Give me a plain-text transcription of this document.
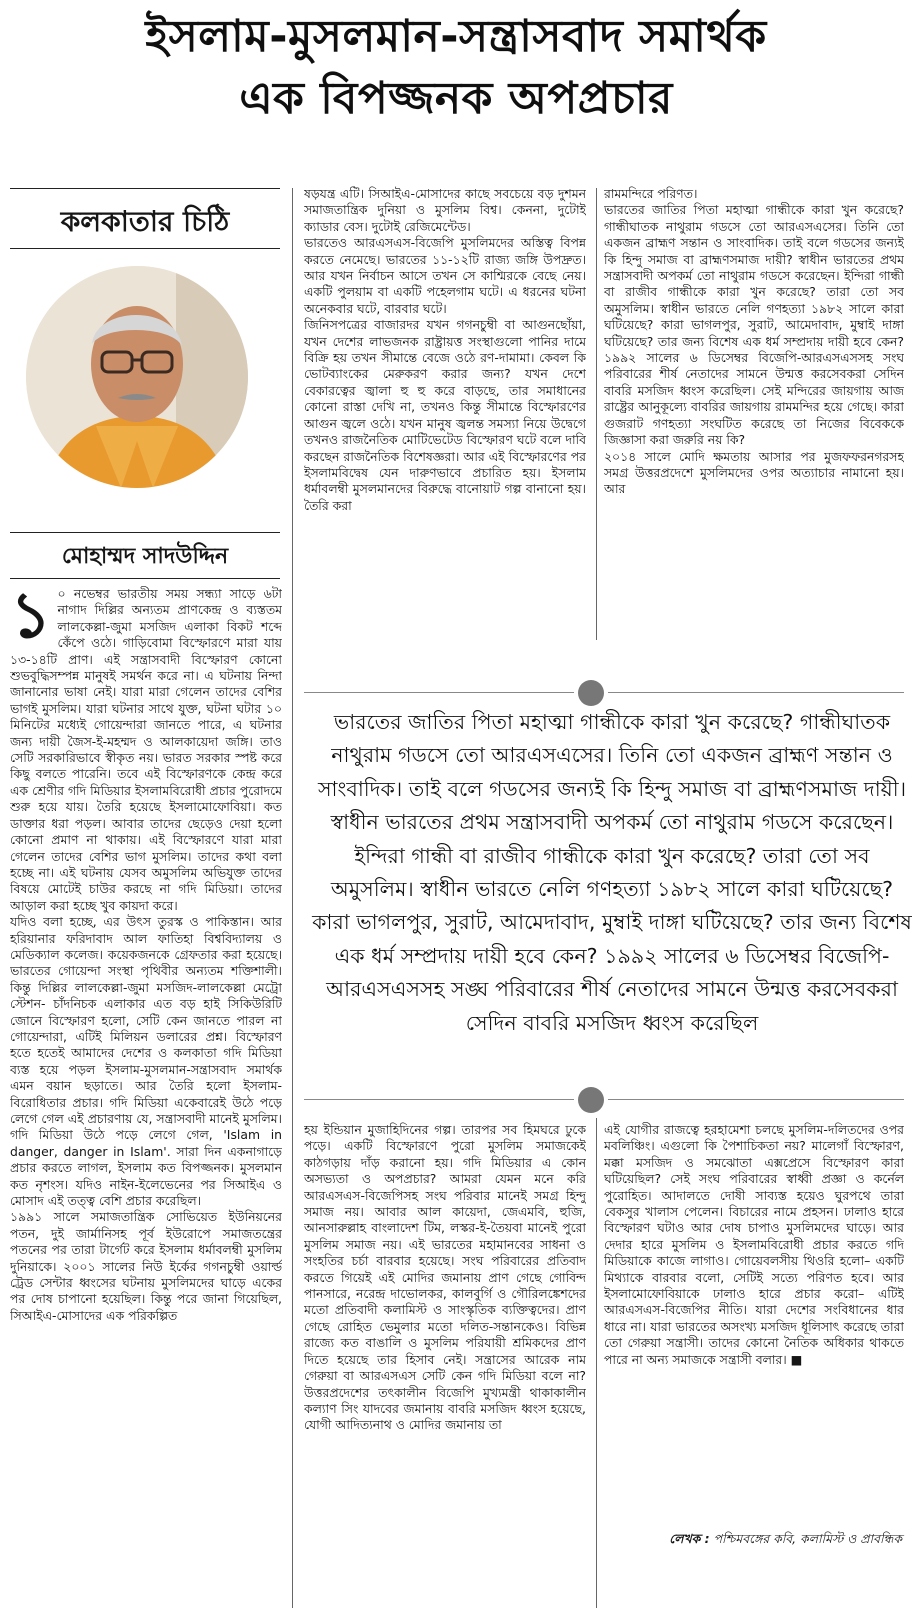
ইসলাম-মুসলমান-সন্ত্রাসবাদ সমার্থক
এক বিপজ্জনক অপপ্রচার
কলকাতার চিঠি
মোহাম্মদ সাদউদ্দিন
১ ০ নভেম্বর ভারতীয় সময় সন্ধ্যা সাড়ে ৬টা নাগাদ দিল্লির অন্যতম প্রাণকেন্দ্র ও ব্যস্ততম লালকেল্লা-জুমা মসজিদ এলাকা বিকট শব্দে কেঁপে ওঠে। গাড়িবোমা বিস্ফোরণে মারা যায় ১৩-১৪টি প্রাণ। এই সন্ত্রাসবাদী বিস্ফোরণ কোনো শুভবুদ্ধিসম্পন্ন মানুষই সমর্থন করে না। এ ঘটনায় নিন্দা জানানোর ভাষা নেই। যারা মারা গেলেন তাদের বেশির ভাগই মুসলিম। যারা ঘটনার সাথে যুক্ত, ঘটনা ঘটার ১০ মিনিটের মধ্যেই গোয়েন্দারা জানতে পারে, এ ঘটনার জন্য দায়ী জৈস-ই-মহম্মদ ও আলকায়েদা জঙ্গি। তাও সেটি সরকারিভাবে স্বীকৃত নয়। ভারত সরকার স্পষ্ট করে কিছু বলতে পারেনি। তবে এই বিস্ফোরণকে কেন্দ্র করে এক শ্রেণীর গদি মিডিয়ার ইসলামবিরোধী প্রচার পুরোদমে শুরু হয়ে যায়। তৈরি হয়েছে ইসলামোফোবিয়া। কত ডাক্তার ধরা পড়ল। আবার তাদের ছেড়েও দেয়া হলো কোনো প্রমাণ না থাকায়। এই বিস্ফোরণে যারা মারা গেলেন তাদের বেশির ভাগ মুসলিম। তাদের কথা বলা হচ্ছে না। এই ঘটনায় যেসব অমুসলিম অভিযুক্ত তাদের বিষয়ে মোটেই চাউর করছে না গদি মিডিয়া। তাদের আড়াল করা হচ্ছে খুব কায়দা করে।

যদিও বলা হচ্ছে, এর উৎস তুরস্ক ও পাকিস্তান। আর হরিয়ানার ফরিদাবাদ আল ফাতিহা বিশ্ববিদ্যালয় ও মেডিক্যাল কলেজ। কয়েকজনকে গ্রেফতার করা হয়েছে। ভারতের গোয়েন্দা সংস্থা পৃথিবীর অন্যতম শক্তিশালী। কিন্তু দিল্লির লালকেল্লা-জুমা মসজিদ-লালকেল্লা মেট্রো স্টেশন- চাঁদনিচক এলাকার এত বড় হাই সিকিউরিটি জোনে বিস্ফোরণ হলো, সেটি কেন জানতে পারল না গোয়েন্দারা, এটিই মিলিয়ন ডলারের প্রশ্ন। বিস্ফোরণ হতে হতেই আমাদের দেশের ও কলকাতা গদি মিডিয়া ব্যস্ত হয়ে পড়ল ইসলাম-মুসলমান-সন্ত্রাসবাদ সমার্থক এমন বয়ান ছড়াতে। আর তৈরি হলো ইসলাম-বিরোধিতার প্রচার। গদি মিডিয়া একেবারেই উঠে পড়ে লেগে গেল এই প্রচারণায় যে, সন্ত্রাসবাদী মানেই মুসলিম। গদি মিডিয়া উঠে পড়ে লেগে গেল, 'Islam in danger, danger in Islam'. সারা দিন একনাগাড়ে প্রচার করতে লাগল, ইসলাম কত বিপজ্জনক। মুসলমান কত নৃশংস। যদিও নাইন-ইলেভেনের পর সিআইএ ও মোসাদ এই তত্ত্ব বেশি প্রচার করেছিল।

১৯৯১ সালে সমাজতান্ত্রিক সোভিয়েত ইউনিয়নের পতন, দুই জার্মানিসহ পূর্ব ইউরোপে সমাজতন্ত্রের পতনের পর তারা টার্গেট করে ইসলাম ধর্মাবলম্বী মুসলিম দুনিয়াকে। ২০০১ সালের নিউ ইর্কের গগনচুম্বী ওয়ার্ল্ড ট্রেড সেন্টার ধ্বংসের ঘটনায় মুসলিমদের ঘাড়ে একের পর দোষ চাপানো হয়েছিল। কিন্তু পরে জানা গিয়েছিল, সিআইএ-মোসাদের এক পরিকল্পিত

ষড়যন্ত্র এটি। সিআইএ-মোসাদের কাছে সবচেয়ে বড় দুশমন সমাজতান্ত্রিক দুনিয়া ও মুসলিম বিশ্ব। কেননা, দুটোই ক্যাডার বেস। দুটোই রেজিমেন্টেড।

ভারতেও আরএসএস-বিজেপি মুসলিমদের অস্তিত্ব বিপন্ন করতে নেমেছে। ভারতের ১১-১২টি রাজ্য জঙ্গি উপদ্রুত। আর যখন নির্বাচন আসে তখন সে কাশ্মিরকে বেছে নেয়। একটি পুলয়াম বা একটি পহেলগাম ঘটে। এ ধরনের ঘটনা অনেকবার ঘটে, বারবার ঘটে।

জিনিসপত্রের বাজারদর যখন গগনচুম্বী বা আগুনছোঁয়া, যখন দেশের লাভজনক রাষ্ট্রায়ত্ত সংস্থাগুলো পানির দামে বিক্রি হয় তখন সীমান্তে বেজে ওঠে রণ-দামামা। কেবল কি ভোটব্যাংকের মেরুকরণ করার জন্য? যখন দেশে বেকারত্বের জ্বালা হু হু করে বাড়ছে, তার সমাধানের কোনো রাস্তা দেখি না, তখনও কিন্তু সীমান্তে বিস্ফোরণের আগুন জ্বলে ওঠে। যখন মানুষ জ্বলন্ত সমস্যা নিয়ে উদ্বেগে তখনও রাজনৈতিক মোটিভেটেড বিস্ফোরণ ঘটে বলে দাবি করছেন রাজনৈতিক বিশেষজ্ঞরা। আর এই বিস্ফোরণের পর ইসলামবিদ্বেষ যেন দারুণভাবে প্রচারিত হয়। ইসলাম ধর্মাবলম্বী মুসলমানদের বিরুদ্ধে বানোয়াট গল্প বানানো হয়। তৈরি করা

রামমন্দিরে পরিণত।

ভারতের জাতির পিতা মহাত্মা গান্ধীকে কারা খুন করেছে? গান্ধীঘাতক নাথুরাম গডসে তো আরএসএসের। তিনি তো একজন ব্রাহ্মণ সন্তান ও সাংবাদিক। তাই বলে গডসের জন্যই কি হিন্দু সমাজ বা ব্রাহ্মণসমাজ দায়ী? স্বাধীন ভারতের প্রথম সন্ত্রাসবাদী অপকর্ম তো নাথুরাম গডসে করেছেন। ইন্দিরা গান্ধী বা রাজীব গান্ধীকে কারা খুন করেছে? তারা তো সব অমুসলিম। স্বাধীন ভারতে নেলি গণহত্যা ১৯৮২ সালে কারা ঘটিয়েছে? কারা ভাগলপুর, সুরাট, আমেদাবাদ, মুম্বাই দাঙ্গা ঘটিয়েছে? তার জন্য বিশেষ এক ধর্ম সম্প্রদায় দায়ী হবে কেন? ১৯৯২ সালের ৬ ডিসেম্বর বিজেপি-আরএসএসসহ সংঘ পরিবারের শীর্ষ নেতাদের সামনে উন্মত্ত করসেবকরা সেদিন বাবরি মসজিদ ধ্বংস করেছিল। সেই মন্দিরের জায়গায় আজ রাষ্ট্রের আনুকূল্যে বাবরির জায়গায় রামমন্দির হয়ে গেছে। কারা গুজরাট গণহত্যা সংঘটিত করেছে তা নিজের বিবেককে জিজ্ঞাসা করা জরুরি নয় কি?

২০১৪ সালে মোদি ক্ষমতায় আসার পর মুজফফরনগরসহ সমগ্র উত্তরপ্রদেশে মুসলিমদের ওপর অত্যাচার নামানো হয়। আর

ভারতের জাতির পিতা মহাত্মা গান্ধীকে কারা খুন করেছে? গান্ধীঘাতক নাথুরাম গডসে তো আরএসএসের। তিনি তো একজন ব্রাহ্মণ সন্তান ও সাংবাদিক। তাই বলে গডসের জন্যই কি হিন্দু সমাজ বা ব্রাহ্মণসমাজ দায়ী। স্বাধীন ভারতের প্রথম সন্ত্রাসবাদী অপকর্ম তো নাথুরাম গডসে করেছেন। ইন্দিরা গান্ধী বা রাজীব গান্ধীকে কারা খুন করেছে? তারা তো সব অমুসলিম। স্বাধীন ভারতে নেলি গণহত্যা ১৯৮২ সালে কারা ঘটিয়েছে? কারা ভাগলপুর, সুরাট, আমেদাবাদ, মুম্বাই দাঙ্গা ঘটিয়েছে? তার জন্য বিশেষ এক ধর্ম সম্প্রদায় দায়ী হবে কেন? ১৯৯২ সালের ৬ ডিসেম্বর বিজেপি-আরএসএসসহ সঙ্ঘ পরিবারের শীর্ষ নেতাদের সামনে উন্মত্ত করসেবকরা সেদিন বাবরি মসজিদ ধ্বংস করেছিল

হয় ইন্ডিয়ান মুজাহিদিনের গল্প। তারপর সব হিমঘরে ঢুকে পড়ে। একটি বিস্ফোরণে পুরো মুসলিম সমাজকেই কাঠগড়ায় দাঁড় করানো হয়। গদি মিডিয়ার এ কোন অসভ্যতা ও অপপ্রচার? আমরা যেমন মনে করি আরএসএস-বিজেপিসহ সংঘ পরিবার মানেই সমগ্র হিন্দু সমাজ নয়। আবার আল কায়েদা, জেএমবি, হুজি, আনসারুল্লাহ বাংলাদেশ টিম, লস্কর-ই-তৈয়বা মানেই পুরো মুসলিম সমাজ নয়। এই ভারতের মহামানবের সাধনা ও সংহতির চর্চা বারবার হয়েছে। সংঘ পরিবারের প্রতিবাদ করতে গিয়েই এই মোদির জমানায় প্রাণ গেছে গোবিন্দ পানসারে, নরেন্দ্র দাভোলকর, কালবুর্গি ও গৌরিলঙ্কেশদের মতো প্রতিবাদী কলামিস্ট ও সাংস্কৃতিক ব্যক্তিত্বদের। প্রাণ গেছে রোহিত ভেমুলার মতো দলিত-সন্তানকেও। বিভিন্ন রাজ্যে কত বাঙালি ও মুসলিম পরিযায়ী শ্রমিকদের প্রাণ দিতে হয়েছে তার হিসাব নেই। সন্ত্রাসের আরেক নাম গেরুয়া বা আরএসএস সেটি কেন গদি মিডিয়া বলে না? উত্তরপ্রদেশের তৎকালীন বিজেপি মুখ্যমন্ত্রী থাকাকালীন কল্যাণ সিং যাদবের জমানায় বাবরি মসজিদ ধ্বংস হয়েছে, যোগী আদিত্যনাথ ও মোদির জমানায় তা

এই যোগীর রাজত্বে হরহামেশা চলছে মুসলিম-দলিতদের ওপর মবলিঞ্চিং। এগুলো কি পৈশাচিকতা নয়? মালেগাঁ বিস্ফোরণ, মক্কা মসজিদ ও সমঝোতা এক্সপ্রেসে বিস্ফোরণ কারা ঘটিয়েছিল? সেই সংঘ পরিবারের স্বাধ্বী প্রজ্ঞা ও কর্নেল পুরোহিত। আদালতে দোষী সাব্যস্ত হয়েও ঘুরপথে তারা বেকসুর খালাস পেলেন। বিচারের নামে প্রহসন। ঢালাও হারে বিস্ফোরণ ঘটাও আর দোষ চাপাও মুসলিমদের ঘাড়ে। আর দেদার হারে মুসলিম ও ইসলামবিরোধী প্রচার করতে গদি মিডিয়াকে কাজে লাগাও। গোয়েবলসীয় থিওরি হলো– একটি মিথ্যাকে বারবার বলো, সেটিই সত্যে পরিণত হবে। আর ইসলামোফোবিয়াকে ঢালাও হারে প্রচার করো– এটিই আরএসএস-বিজেপির নীতি। যারা দেশের সংবিধানের ধার ধারে না। যারা ভারতের অসংখ্য মসজিদ ধূলিসাৎ করেছে তারা তো গেরুয়া সন্ত্রাসী। তাদের কোনো নৈতিক অধিকার থাকতে পারে না অন্য সমাজকে সন্ত্রাসী বলার। ■

লেখক : পশ্চিমবঙ্গের কবি, কলামিস্ট ও প্রাবন্ধিক
